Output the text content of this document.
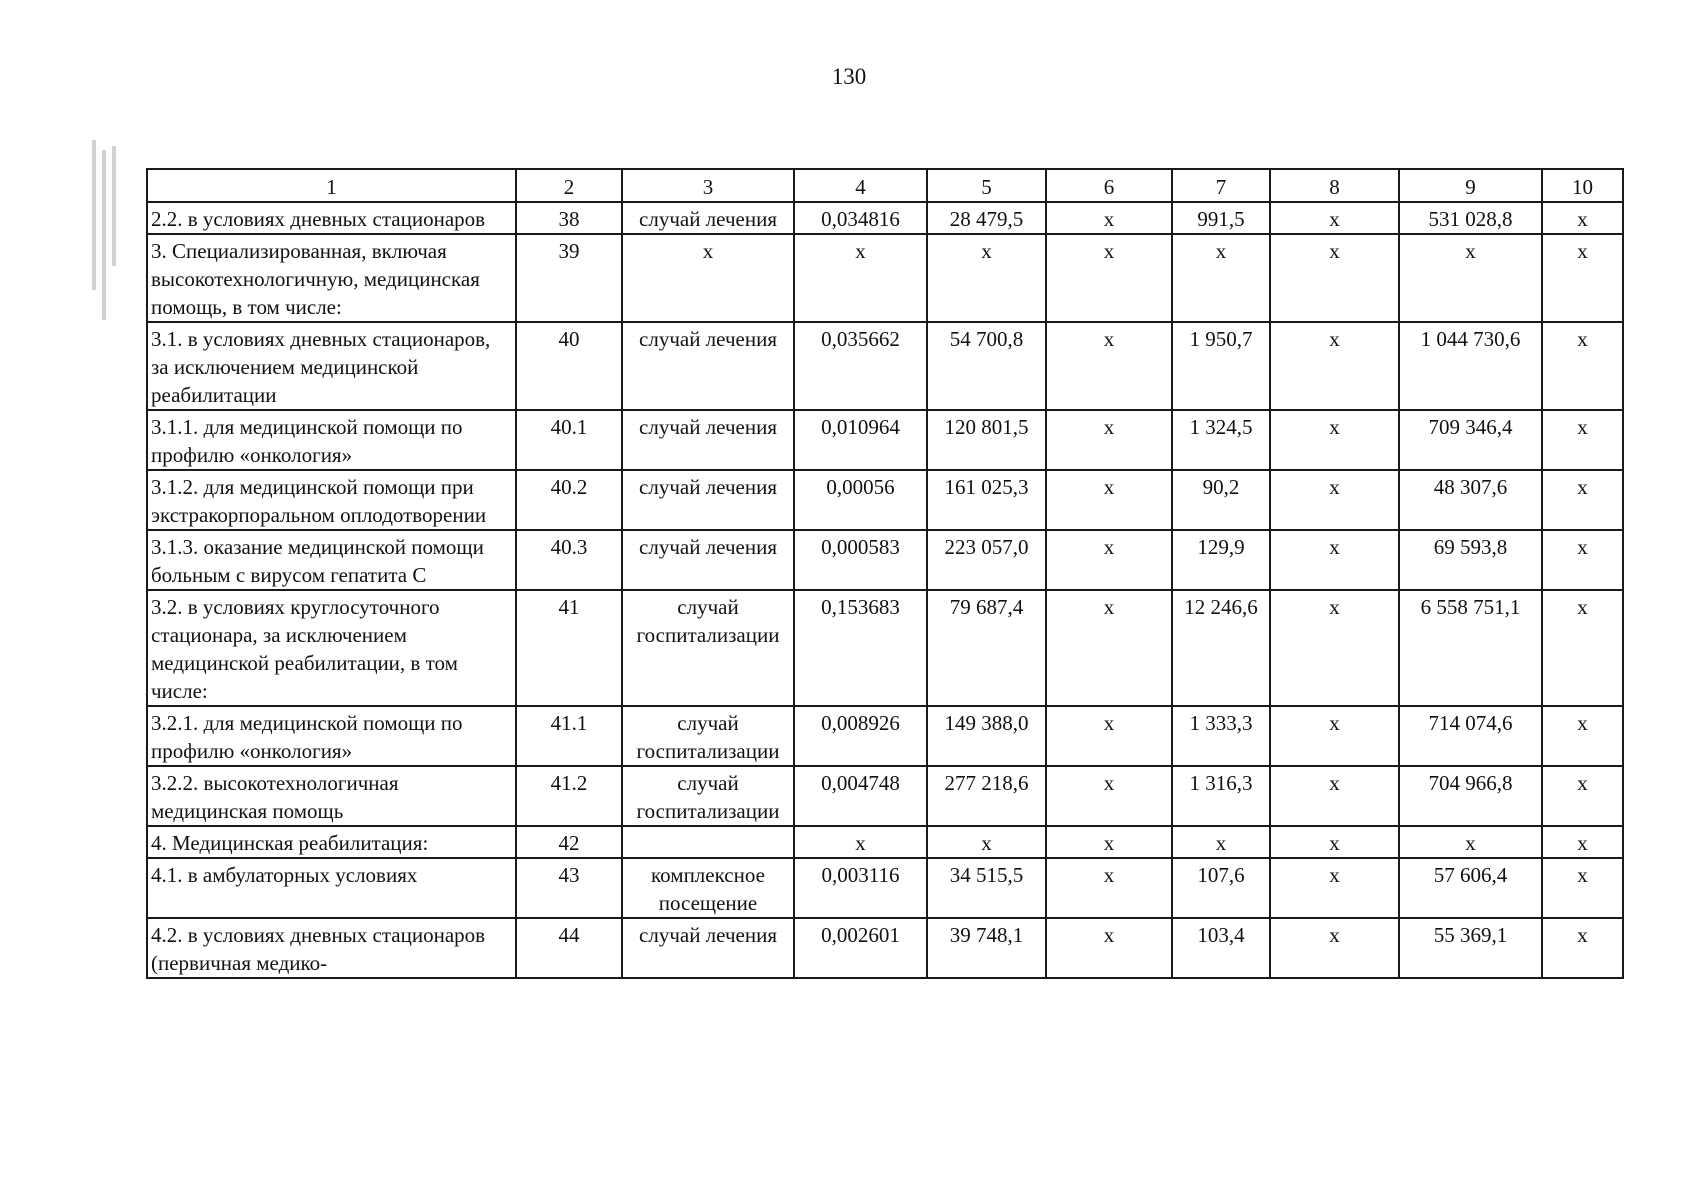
130
1	2	3	4	5	6	7	8	9	10
2.2. в условиях дневных стационаров	38	случай лечения	0,034816	28 479,5	х	991,5	х	531 028,8	х
3. Специализированная, включая высокотехнологичную, медицинская помощь, в том числе:	39	х	х	х	х	х	х	х	х
3.1. в условиях дневных стационаров, за исключением медицинской реабилитации	40	случай лечения	0,035662	54 700,8	х	1 950,7	х	1 044 730,6	х
3.1.1. для медицинской помощи по профилю «онкология»	40.1	случай лечения	0,010964	120 801,5	х	1 324,5	х	709 346,4	х
3.1.2. для медицинской помощи при экстракорпоральном оплодотворении	40.2	случай лечения	0,00056	161 025,3	х	90,2	х	48 307,6	х
3.1.3. оказание медицинской помощи больным с вирусом гепатита С	40.3	случай лечения	0,000583	223 057,0	х	129,9	х	69 593,8	х
3.2. в условиях круглосуточного стационара, за исключением медицинской реабилитации, в том числе:	41	случай госпитализации	0,153683	79 687,4	х	12 246,6	х	6 558 751,1	х
3.2.1. для медицинской помощи по профилю «онкология»	41.1	случай госпитализации	0,008926	149 388,0	х	1 333,3	х	714 074,6	х
3.2.2. высокотехнологичная медицинская помощь	41.2	случай госпитализации	0,004748	277 218,6	х	1 316,3	х	704 966,8	х
4. Медицинская реабилитация:	42		х	х	х	х	х	х	х
4.1. в амбулаторных условиях	43	комплексное посещение	0,003116	34 515,5	х	107,6	х	57 606,4	х
4.2. в условиях дневных стационаров (первичная медико-	44	случай лечения	0,002601	39 748,1	х	103,4	х	55 369,1	х
